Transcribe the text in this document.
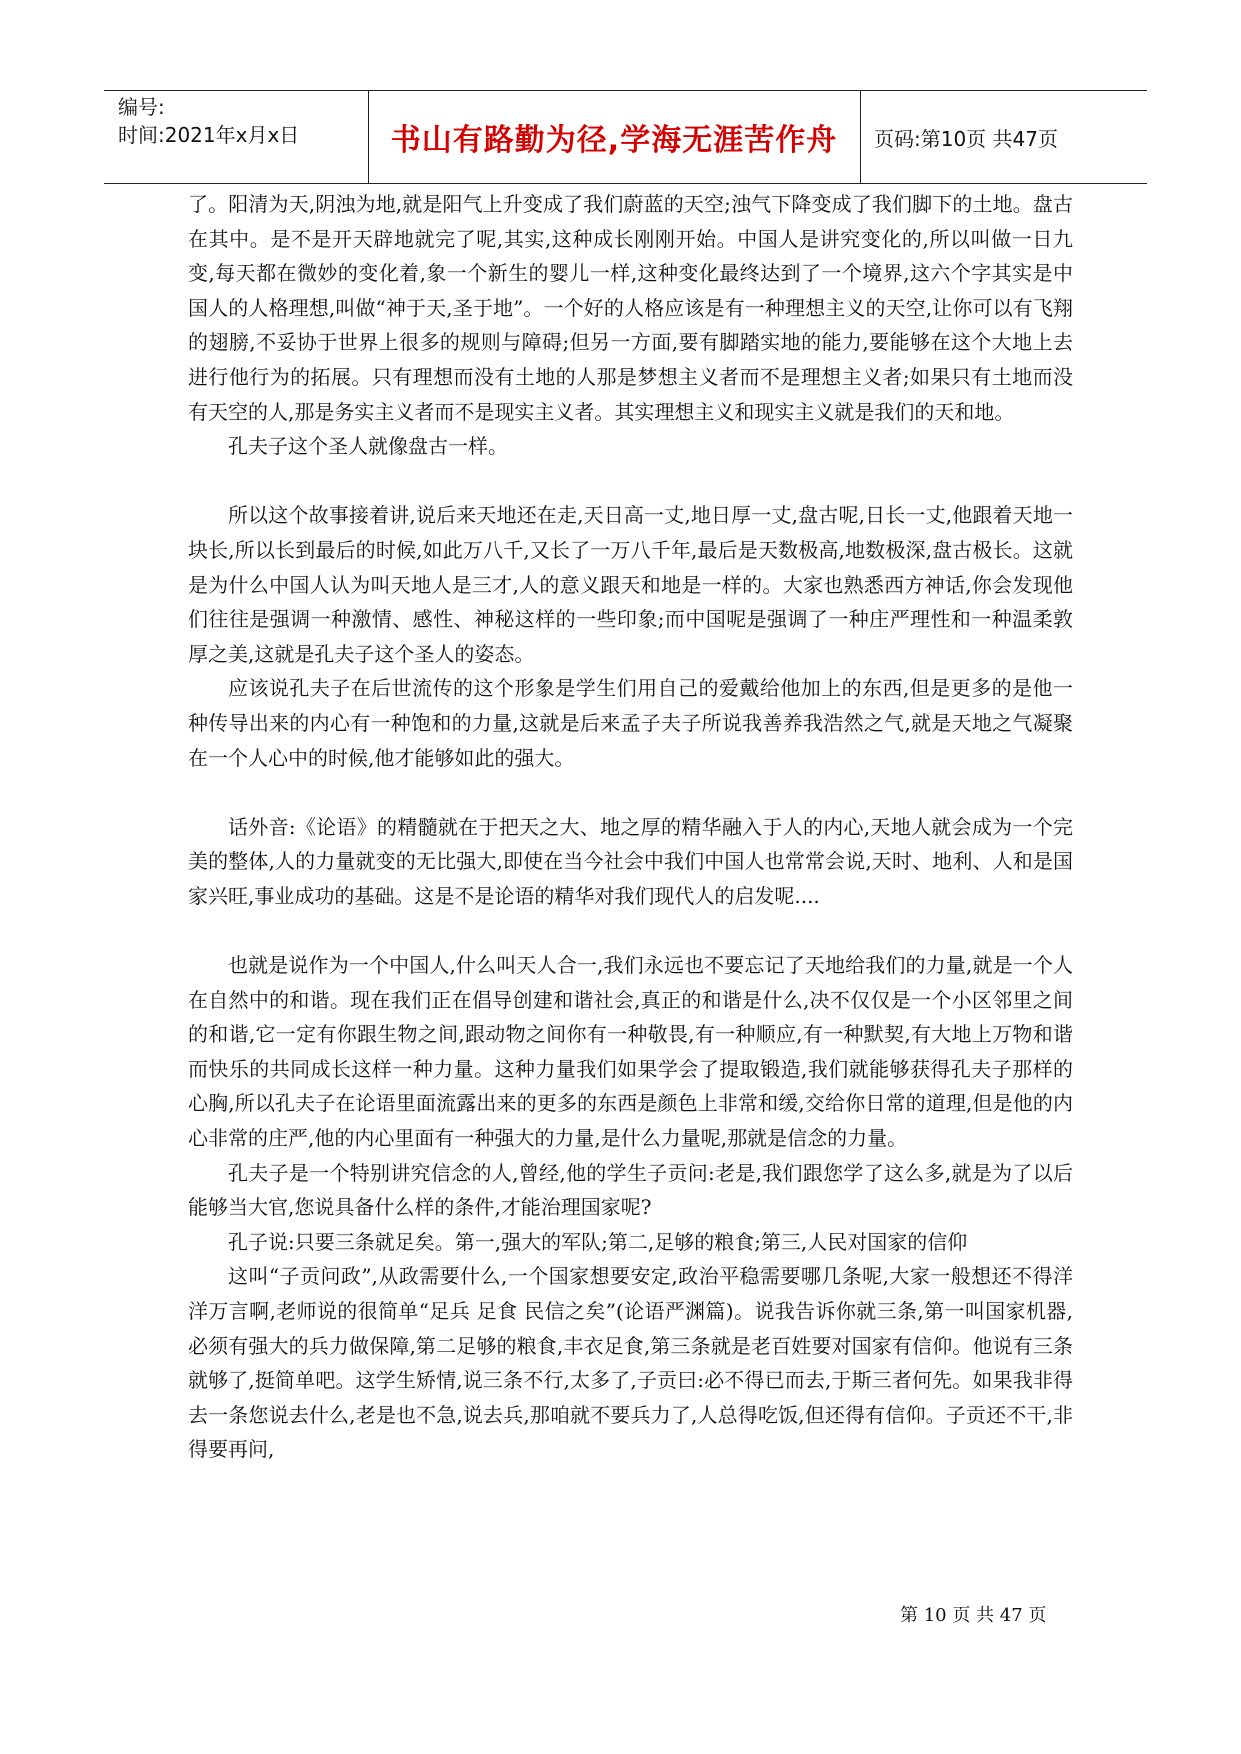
编号:
时间:2021年x月x日	书山有路勤为径,学海无涯苦作舟 页码:第10页 共47页

了。阳清为天,阴浊为地,就是阳气上升变成了我们蔚蓝的天空;浊气下降变成了我们脚下的土地。盘古在其中。是不是开天辟地就完了呢,其实,这种成长刚刚开始。中国人是讲究变化的,所以叫做一日九变,每天都在微妙的变化着,象一个新生的婴儿一样,这种变化最终达到了一个境界,这六个字其实是中国人的人格理想,叫做“神于天,圣于地”。一个好的人格应该是有一种理想主义的天空,让你可以有飞翔的翅膀,不妥协于世界上很多的规则与障碍;但另一方面,要有脚踏实地的能力,要能够在这个大地上去进行他行为的拓展。只有理想而没有土地的人那是梦想主义者而不是理想主义者;如果只有土地而没有天空的人,那是务实主义者而不是现实主义者。其实理想主义和现实主义就是我们的天和地。

孔夫子这个圣人就像盘古一样。

所以这个故事接着讲,说后来天地还在走,天日高一丈,地日厚一丈,盘古呢,日长一丈,他跟着天地一块长,所以长到最后的时候,如此万八千,又长了一万八千年,最后是天数极高,地数极深,盘古极长。这就是为什么中国人认为叫天地人是三才,人的意义跟天和地是一样的。大家也熟悉西方神话,你会发现他们往往是强调一种激情、感性、神秘这样的一些印象;而中国呢是强调了一种庄严理性和一种温柔敦厚之美,这就是孔夫子这个圣人的姿态。

应该说孔夫子在后世流传的这个形象是学生们用自己的爱戴给他加上的东西,但是更多的是他一种传导出来的内心有一种饱和的力量,这就是后来孟子夫子所说我善养我浩然之气,就是天地之气凝聚在一个人心中的时候,他才能够如此的强大。

话外音:《论语》的精髓就在于把天之大、地之厚的精华融入于人的内心,天地人就会成为一个完美的整体,人的力量就变的无比强大,即使在当今社会中我们中国人也常常会说,天时、地利、人和是国家兴旺,事业成功的基础。这是不是论语的精华对我们现代人的启发呢....

也就是说作为一个中国人,什么叫天人合一,我们永远也不要忘记了天地给我们的力量,就是一个人在自然中的和谐。现在我们正在倡导创建和谐社会,真正的和谐是什么,决不仅仅是一个小区邻里之间的和谐,它一定有你跟生物之间,跟动物之间你有一种敬畏,有一种顺应,有一种默契,有大地上万物和谐而快乐的共同成长这样一种力量。这种力量我们如果学会了提取锻造,我们就能够获得孔夫子那样的心胸,所以孔夫子在论语里面流露出来的更多的东西是颜色上非常和缓,交给你日常的道理,但是他的内心非常的庄严,他的内心里面有一种强大的力量,是什么力量呢,那就是信念的力量。

孔夫子是一个特别讲究信念的人,曾经,他的学生子贡问:老是,我们跟您学了这么多,就是为了以后能够当大官,您说具备什么样的条件,才能治理国家呢?

孔子说:只要三条就足矣。第一,强大的军队;第二,足够的粮食;第三,人民对国家的信仰

这叫“子贡问政”,从政需要什么,一个国家想要安定,政治平稳需要哪几条呢,大家一般想还不得洋洋万言啊,老师说的很简单“足兵 足食 民信之矣”(论语严渊篇)。说我告诉你就三条,第一叫国家机器,必须有强大的兵力做保障,第二足够的粮食,丰衣足食,第三条就是老百姓要对国家有信仰。他说有三条就够了,挺简单吧。这学生矫情,说三条不行,太多了,子贡曰:必不得已而去,于斯三者何先。如果我非得去一条您说去什么,老是也不急,说去兵,那咱就不要兵力了,人总得吃饭,但还得有信仰。子贡还不干,非得要再问,

第 10 页 共 47 页
